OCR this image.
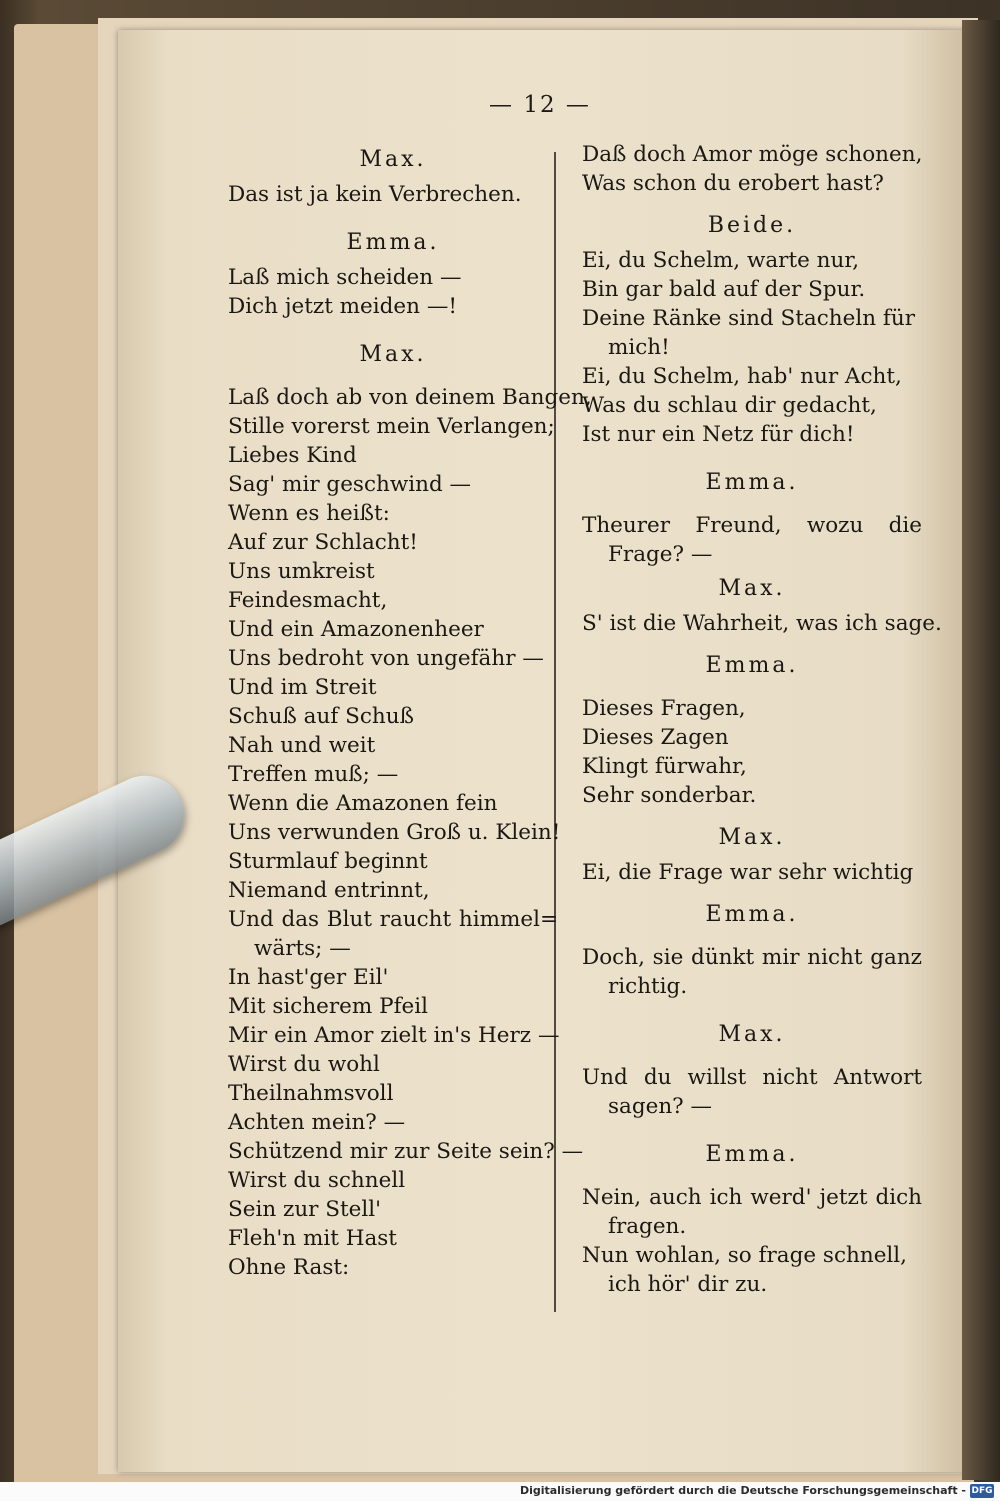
— 12 —
Max.
Das ist ja kein Verbrechen.
Emma.
Laß mich scheiden —
Dich jetzt meiden —!
Max.
Laß doch ab von deinem Bangen,
Stille vorerst mein Verlangen;
Liebes Kind
Sag' mir geschwind —
Wenn es heißt:
Auf zur Schlacht!
Uns umkreist
Feindesmacht,
Und ein Amazonenheer
Uns bedroht von ungefähr —
Und im Streit
Schuß auf Schuß
Nah und weit
Treffen muß; —
Wenn die Amazonen fein
Uns verwunden Groß u. Klein!
Sturmlauf beginnt
Niemand entrinnt,
Und das Blut raucht himmel=
wärts; —
In hast'ger Eil'
Mit sicherem Pfeil
Mir ein Amor zielt in's Herz —
Wirst du wohl
Theilnahmsvoll
Achten mein? —
Schützend mir zur Seite sein? —
Wirst du schnell
Sein zur Stell'
Fleh'n mit Hast
Ohne Rast:
Daß doch Amor möge schonen,
Was schon du erobert hast?
Beide.
Ei, du Schelm, warte nur,
Bin gar bald auf der Spur.
Deine Ränke sind Stacheln für
mich!
Ei, du Schelm, hab' nur Acht,
Was du schlau dir gedacht,
Ist nur ein Netz für dich!
Emma.
Theurer Freund, wozu die
Frage? —
Max.
S' ist die Wahrheit, was ich sage.
Emma.
Dieses Fragen,
Dieses Zagen
Klingt fürwahr,
Sehr sonderbar.
Max.
Ei, die Frage war sehr wichtig
Emma.
Doch, sie dünkt mir nicht ganz
richtig.
Max.
Und du willst nicht Antwort
sagen? —
Emma.
Nein, auch ich werd' jetzt dich
fragen.
Nun wohlan, so frage schnell,
ich hör' dir zu.
Digitalisierung gefördert durch die Deutsche Forschungsgemeinschaft - DFG
